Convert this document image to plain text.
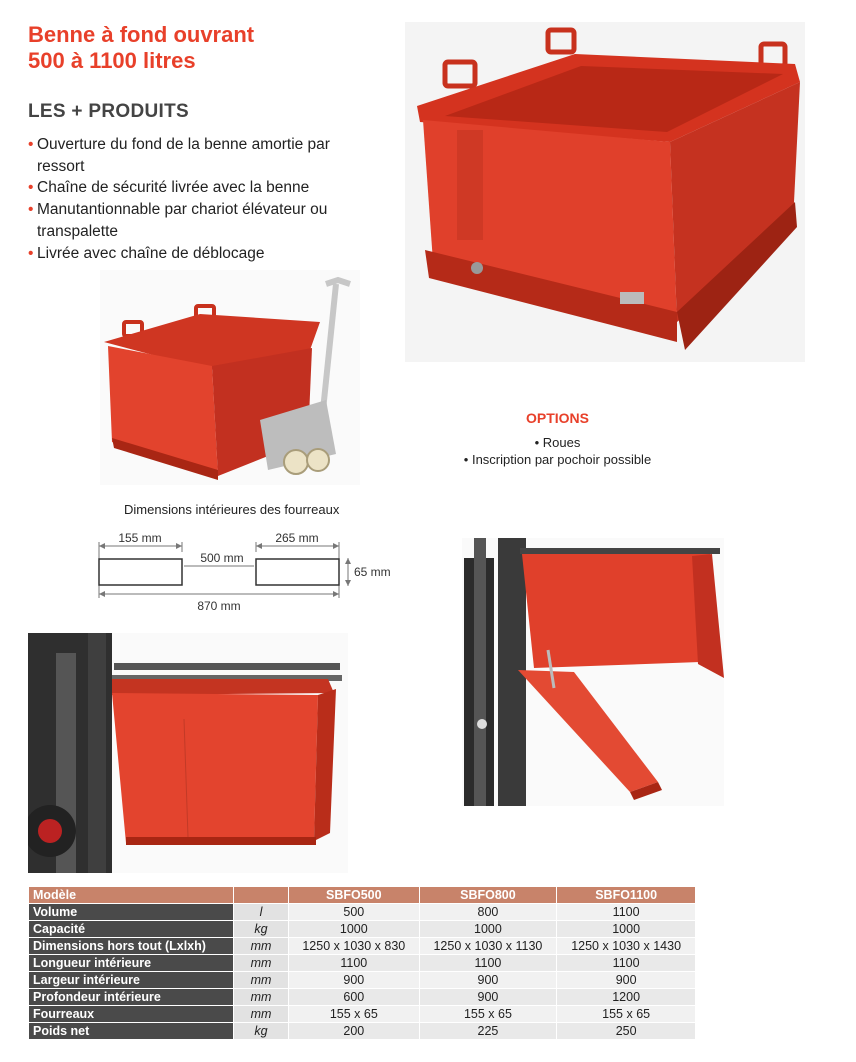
Benne à fond ouvrant
500 à 1100 litres
LES + PRODUITS
• Ouverture du fond de la benne amortie par ressort
• Chaîne de sécurité livrée avec la benne
• Manutantionnable par chariot élévateur ou transpalette
• Livrée avec chaîne de déblocage
OPTIONS
• Roues
• Inscription par pochoir possible
Dimensions intérieures des fourreaux
155 mm	265 mm
500 mm
65 mm
870 mm
Modèle		SBFO500	SBFO800	SBFO1100
Volume	l	500	800	1100
Capacité	kg	1000	1000	1000
Dimensions hors tout (Lxlxh)	mm	1250 x 1030 x 830	1250 x 1030 x 1130	1250 x 1030 x 1430
Longueur intérieure	mm	1100	1100	1100
Largeur intérieure	mm	900	900	900
Profondeur intérieure	mm	600	900	1200
Fourreaux	mm	155 x 65	155 x 65	155 x 65
Poids net	kg	200	225	250
